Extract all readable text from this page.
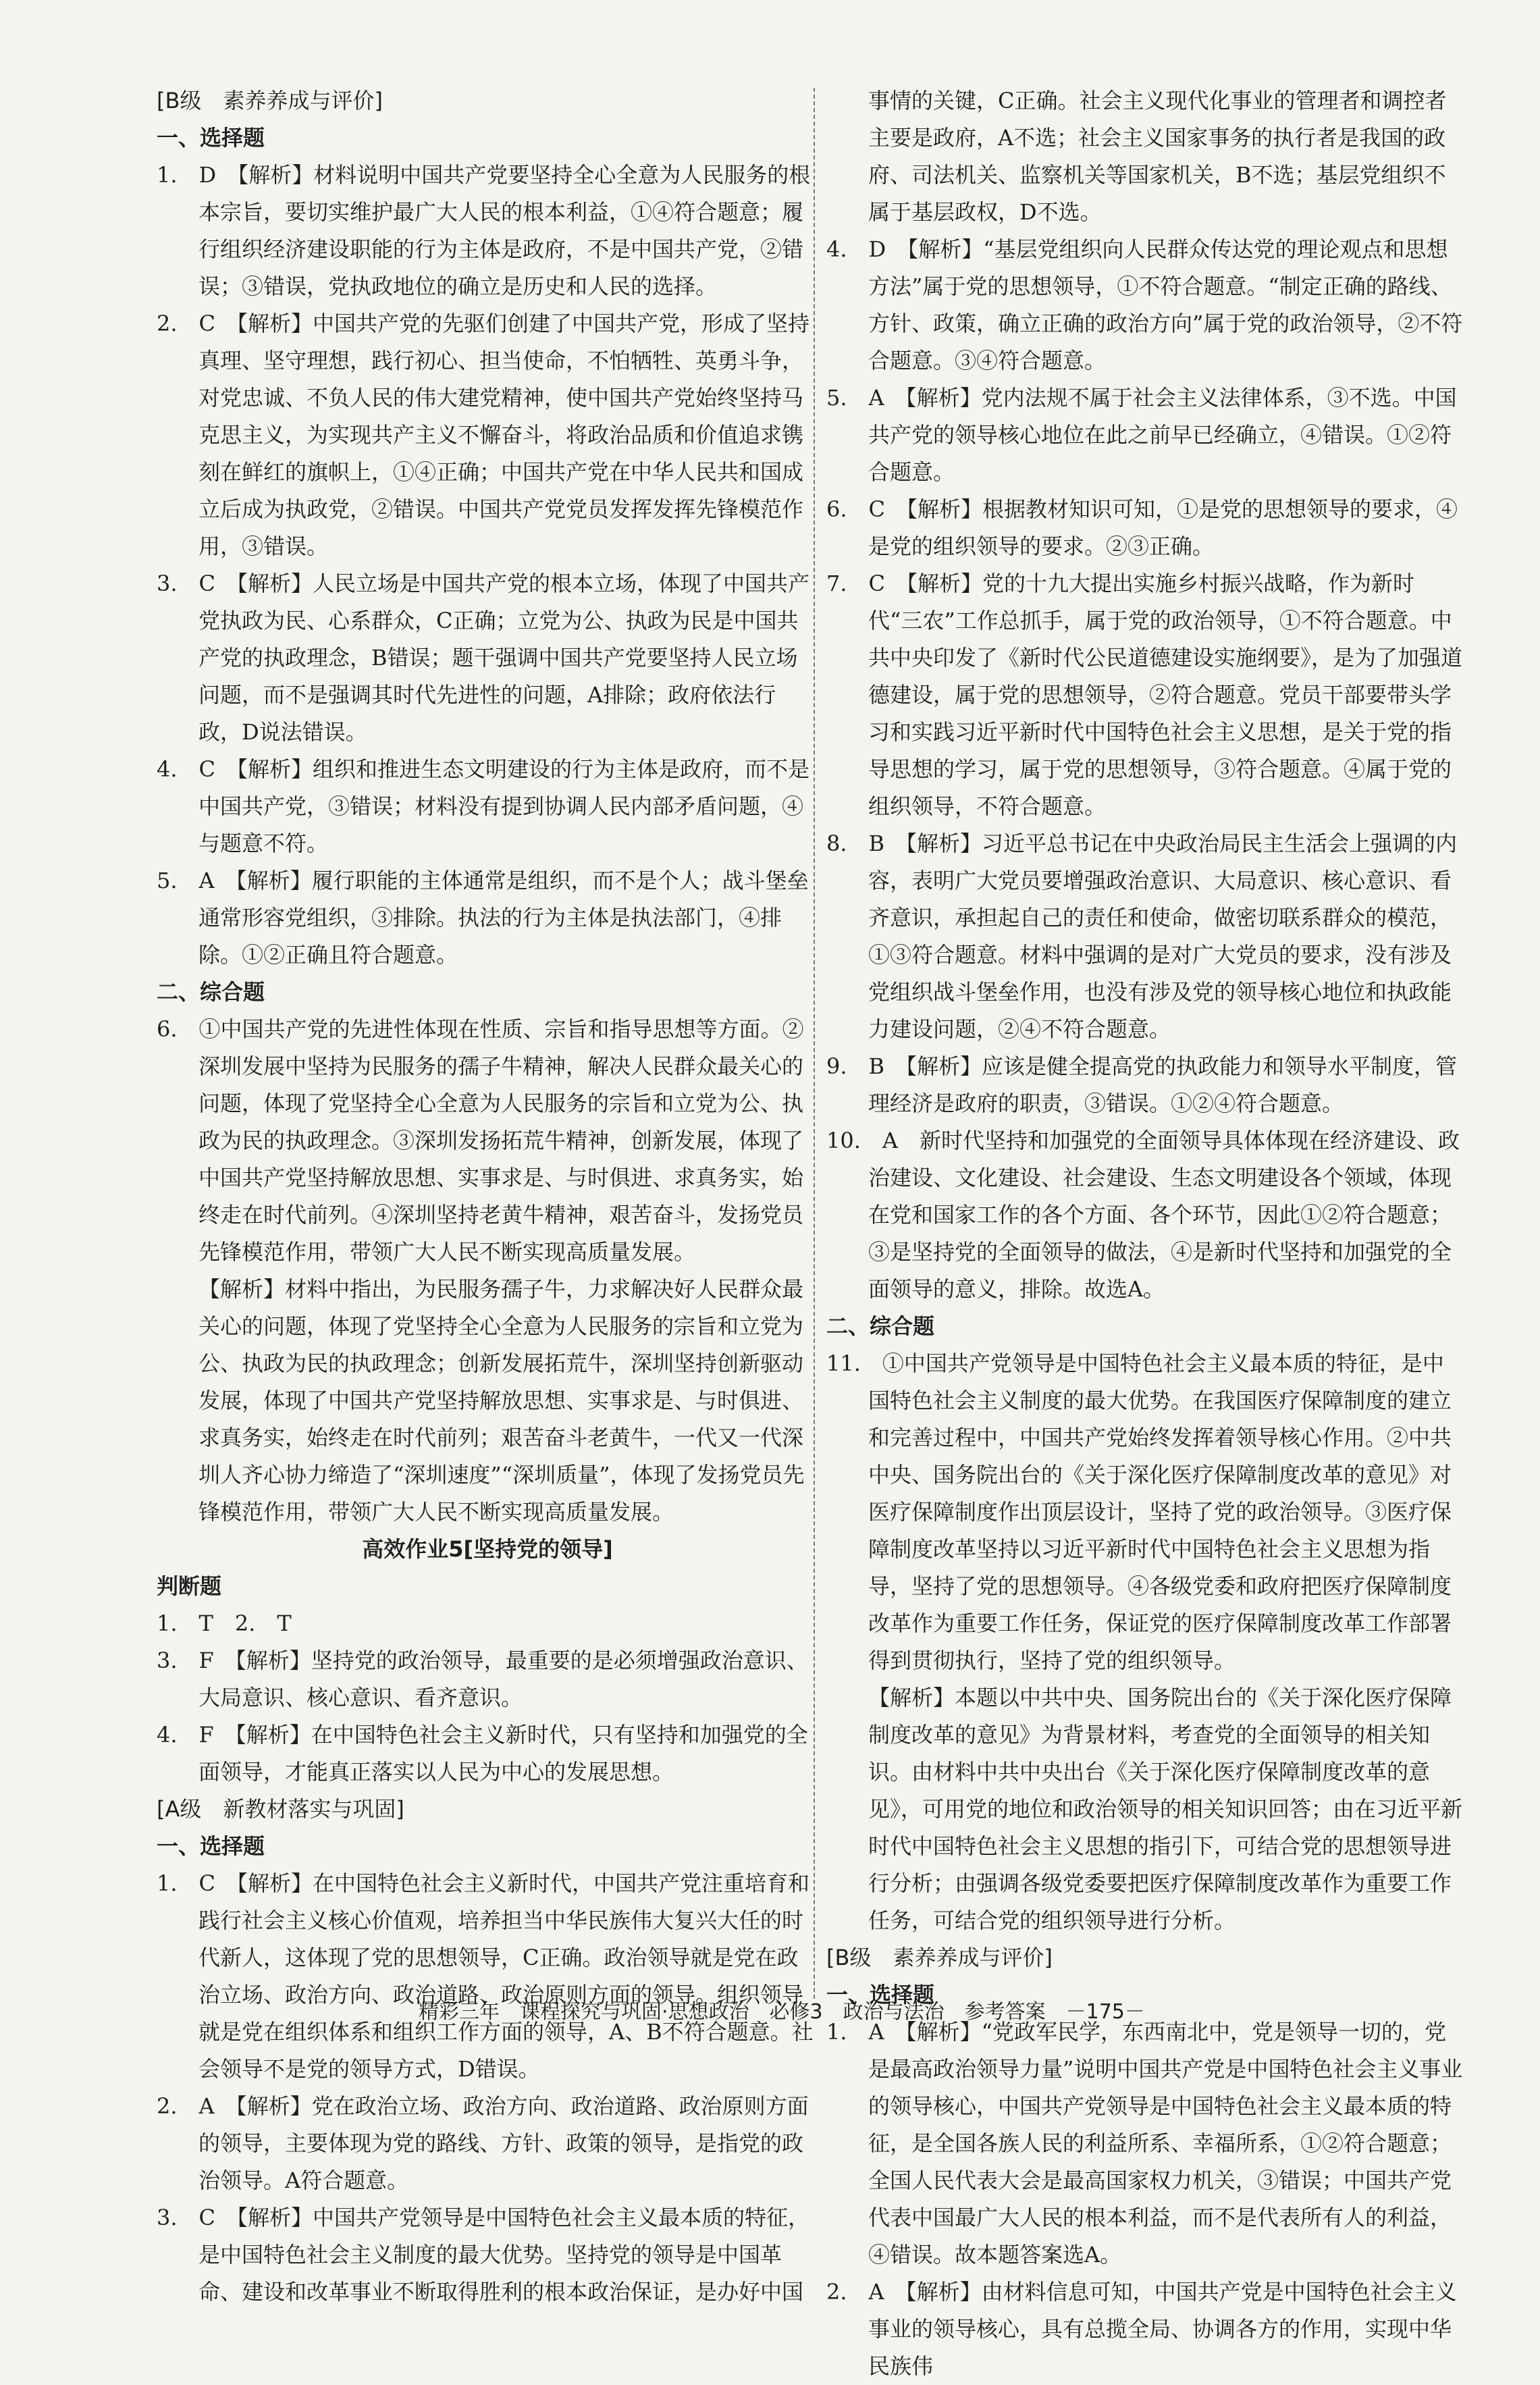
[B级　素养养成与评价]

一、选择题

1.　D　【解析】材料说明中国共产党要坚持全心全意为人民服务的根本宗旨，要切实维护最广大人民的根本利益，①④符合题意；履行组织经济建设职能的行为主体是政府，不是中国共产党，②错误；③错误，党执政地位的确立是历史和人民的选择。

2.　C　【解析】中国共产党的先驱们创建了中国共产党，形成了坚持真理、坚守理想，践行初心、担当使命，不怕牺牲、英勇斗争，对党忠诚、不负人民的伟大建党精神，使中国共产党始终坚持马克思主义，为实现共产主义不懈奋斗，将政治品质和价值追求镌刻在鲜红的旗帜上，①④正确；中国共产党在中华人民共和国成立后成为执政党，②错误。中国共产党党员发挥发挥先锋模范作用，③错误。

3.　C　【解析】人民立场是中国共产党的根本立场，体现了中国共产党执政为民、心系群众，C正确；立党为公、执政为民是中国共产党的执政理念，B错误；题干强调中国共产党要坚持人民立场问题，而不是强调其时代先进性的问题，A排除；政府依法行政，D说法错误。

4.　C　【解析】组织和推进生态文明建设的行为主体是政府，而不是中国共产党，③错误；材料没有提到协调人民内部矛盾问题，④与题意不符。

5.　A　【解析】履行职能的主体通常是组织，而不是个人；战斗堡垒通常形容党组织，③排除。执法的行为主体是执法部门，④排除。①②正确且符合题意。

二、综合题

6.　①中国共产党的先进性体现在性质、宗旨和指导思想等方面。②深圳发展中坚持为民服务的孺子牛精神，解决人民群众最关心的问题，体现了党坚持全心全意为人民服务的宗旨和立党为公、执政为民的执政理念。③深圳发扬拓荒牛精神，创新发展，体现了中国共产党坚持解放思想、实事求是、与时俱进、求真务实，始终走在时代前列。④深圳坚持老黄牛精神，艰苦奋斗，发扬党员先锋模范作用，带领广大人民不断实现高质量发展。

【解析】材料中指出，为民服务孺子牛，力求解决好人民群众最关心的问题，体现了党坚持全心全意为人民服务的宗旨和立党为公、执政为民的执政理念；创新发展拓荒牛，深圳坚持创新驱动发展，体现了中国共产党坚持解放思想、实事求是、与时俱进、求真务实，始终走在时代前列；艰苦奋斗老黄牛，一代又一代深圳人齐心协力缔造了“深圳速度”“深圳质量”，体现了发扬党员先锋模范作用，带领广大人民不断实现高质量发展。

高效作业5[坚持党的领导]

判断题

1.　T　2.　T

3.　F　【解析】坚持党的政治领导，最重要的是必须增强政治意识、大局意识、核心意识、看齐意识。

4.　F　【解析】在中国特色社会主义新时代，只有坚持和加强党的全面领导，才能真正落实以人民为中心的发展思想。

[A级　新教材落实与巩固]

一、选择题

1.　C　【解析】在中国特色社会主义新时代，中国共产党注重培育和践行社会主义核心价值观，培养担当中华民族伟大复兴大任的时代新人，这体现了党的思想领导，C正确。政治领导就是党在政治立场、政治方向、政治道路、政治原则方面的领导。组织领导就是党在组织体系和组织工作方面的领导，A、B不符合题意。社会领导不是党的领导方式，D错误。

2.　A　【解析】党在政治立场、政治方向、政治道路、政治原则方面的领导，主要体现为党的路线、方针、政策的领导，是指党的政治领导。A符合题意。

3.　C　【解析】中国共产党领导是中国特色社会主义最本质的特征，是中国特色社会主义制度的最大优势。坚持党的领导是中国革命、建设和改革事业不断取得胜利的根本政治保证，是办好中国

事情的关键，C正确。社会主义现代化事业的管理者和调控者主要是政府，A不选；社会主义国家事务的执行者是我国的政府、司法机关、监察机关等国家机关，B不选；基层党组织不属于基层政权，D不选。

4.　D　【解析】“基层党组织向人民群众传达党的理论观点和思想方法”属于党的思想领导，①不符合题意。“制定正确的路线、方针、政策，确立正确的政治方向”属于党的政治领导，②不符合题意。③④符合题意。

5.　A　【解析】党内法规不属于社会主义法律体系，③不选。中国共产党的领导核心地位在此之前早已经确立，④错误。①②符合题意。

6.　C　【解析】根据教材知识可知，①是党的思想领导的要求，④是党的组织领导的要求。②③正确。

7.　C　【解析】党的十九大提出实施乡村振兴战略，作为新时代“三农”工作总抓手，属于党的政治领导，①不符合题意。中共中央印发了《新时代公民道德建设实施纲要》，是为了加强道德建设，属于党的思想领导，②符合题意。党员干部要带头学习和实践习近平新时代中国特色社会主义思想，是关于党的指导思想的学习，属于党的思想领导，③符合题意。④属于党的组织领导，不符合题意。

8.　B　【解析】习近平总书记在中央政治局民主生活会上强调的内容，表明广大党员要增强政治意识、大局意识、核心意识、看齐意识，承担起自己的责任和使命，做密切联系群众的模范，①③符合题意。材料中强调的是对广大党员的要求，没有涉及党组织战斗堡垒作用，也没有涉及党的领导核心地位和执政能力建设问题，②④不符合题意。

9.　B　【解析】应该是健全提高党的执政能力和领导水平制度，管理经济是政府的职责，③错误。①②④符合题意。

10.　A　新时代坚持和加强党的全面领导具体体现在经济建设、政治建设、文化建设、社会建设、生态文明建设各个领域，体现在党和国家工作的各个方面、各个环节，因此①②符合题意；③是坚持党的全面领导的做法，④是新时代坚持和加强党的全面领导的意义，排除。故选A。

二、综合题

11.　①中国共产党领导是中国特色社会主义最本质的特征，是中国特色社会主义制度的最大优势。在我国医疗保障制度的建立和完善过程中，中国共产党始终发挥着领导核心作用。②中共中央、国务院出台的《关于深化医疗保障制度改革的意见》对医疗保障制度作出顶层设计，坚持了党的政治领导。③医疗保障制度改革坚持以习近平新时代中国特色社会主义思想为指导，坚持了党的思想领导。④各级党委和政府把医疗保障制度改革作为重要工作任务，保证党的医疗保障制度改革工作部署得到贯彻执行，坚持了党的组织领导。

【解析】本题以中共中央、国务院出台的《关于深化医疗保障制度改革的意见》为背景材料，考查党的全面领导的相关知识。由材料中共中央出台《关于深化医疗保障制度改革的意见》，可用党的地位和政治领导的相关知识回答；由在习近平新时代中国特色社会主义思想的指引下，可结合党的思想领导进行分析；由强调各级党委要把医疗保障制度改革作为重要工作任务，可结合党的组织领导进行分析。

[B级　素养养成与评价]

一、选择题

1.　A　【解析】“党政军民学，东西南北中，党是领导一切的，党是最高政治领导力量”说明中国共产党是中国特色社会主义事业的领导核心，中国共产党领导是中国特色社会主义最本质的特征，是全国各族人民的利益所系、幸福所系，①②符合题意；全国人民代表大会是最高国家权力机关，③错误；中国共产党代表中国最广大人民的根本利益，而不是代表所有人的利益，④错误。故本题答案选A。

2.　A　【解析】由材料信息可知，中国共产党是中国特色社会主义事业的领导核心，具有总揽全局、协调各方的作用，实现中华民族伟

精彩三年　课程探究与巩固·思想政治　必修3　政治与法治　参考答案　－175－
